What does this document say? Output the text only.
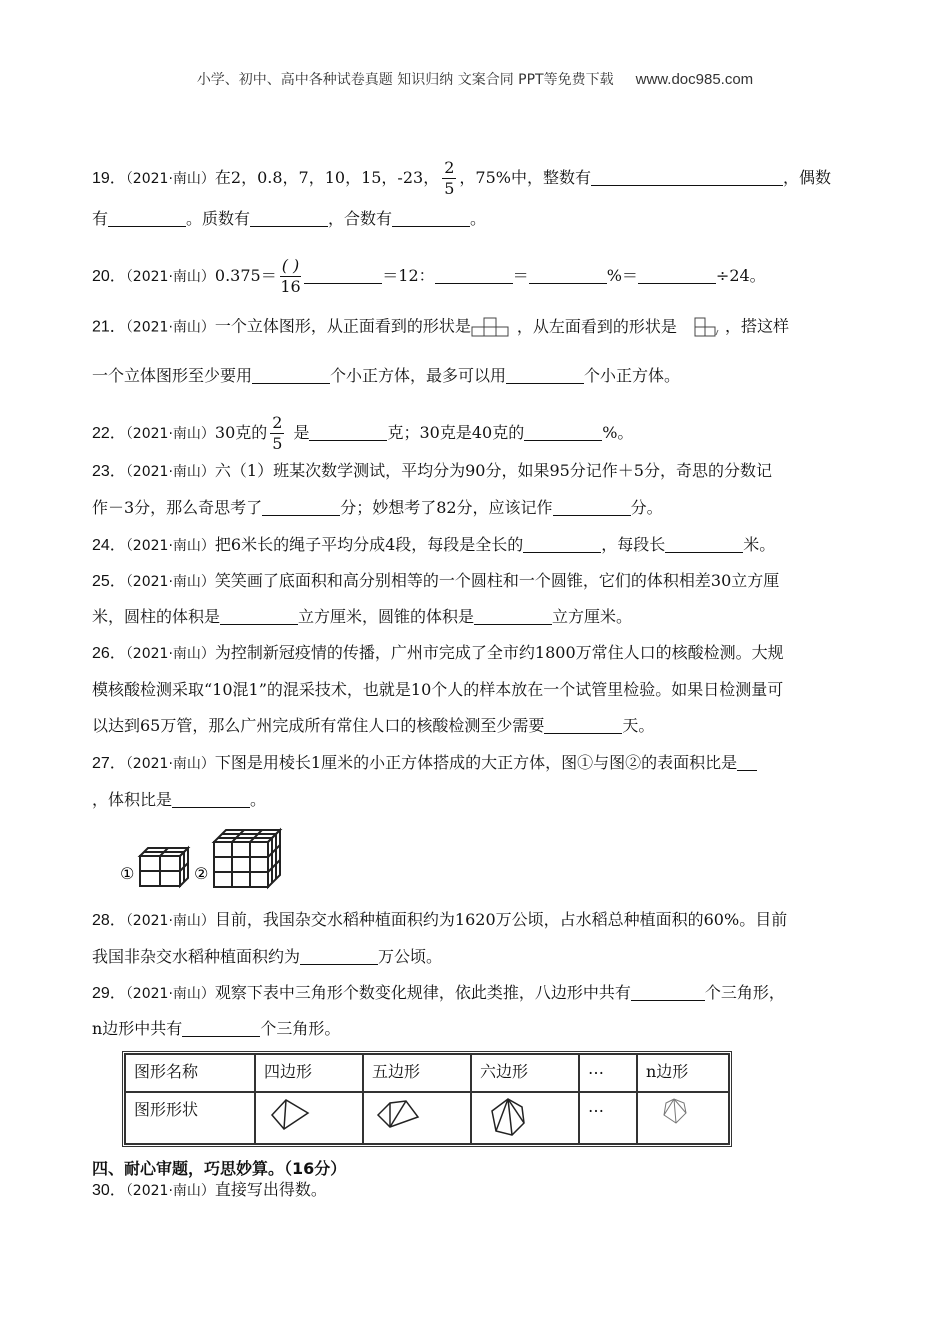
小学、初中、高中各种试卷真题 知识归纳 文案合同 PPT等免费下载 www.doc985.com
19．（2021·南山）在2，0.8，7，10，15，-23， $\frac{2}{5}$ ，75%中，整数有	，偶数
有	。质数有	，合数有	。
20．（2021·南山）0.375＝
( )
16
＝12：	＝	%＝	÷24。
21．（2021·南山）一个立体图形，从正面看到的形状是	，从左面看到的形状是	，搭这样
一个立体图形至少要用	个小正方体，最多可以用	个小正方体。
22．（2021·南山）30克的 $\frac{2}{5}$ 是	克；30克是40克的	%。
23．（2021·南山）六（1）班某次数学测试，平均分为90分，如果95分记作＋5分，奇思的分数记
作－3分，那么奇思考了	分；妙想考了82分，应该记作	分。
24．（2021·南山）把6米长的绳子平均分成4段，每段是全长的	，每段长	米。
25．（2021·南山）笑笑画了底面积和高分别相等的一个圆柱和一个圆锥，它们的体积相差30立方厘
米，圆柱的体积是	立方厘米，圆锥的体积是	立方厘米。
26．（2021·南山）为控制新冠疫情的传播，广州市完成了全市约1800万常住人口的核酸检测。大规
模核酸检测采取“10混1”的混采技术，也就是10个人的样本放在一个试管里检验。如果日检测量可
以达到65万管，那么广州完成所有常住人口的核酸检测至少需要	天。
27．（2021·南山）下图是用棱长1厘米的小正方体搭成的大正方体，图①与图②的表面积比是
，体积比是	。
①	②
28．（2021·南山）目前，我国杂交水稻种植面积约为1620万公顷，占水稻总种植面积的60%。目前
我国非杂交水稻种植面积约为	万公顷。
29．（2021·南山）观察下表中三角形个数变化规律，依此类推，八边形中共有	个三角形，
n边形中共有	个三角形。
图形名称	四边形	五边形	六边形	…	n边形
图形形状				…	
四、耐心审题，巧思妙算。（16分）
30．（2021·南山）直接写出得数。
